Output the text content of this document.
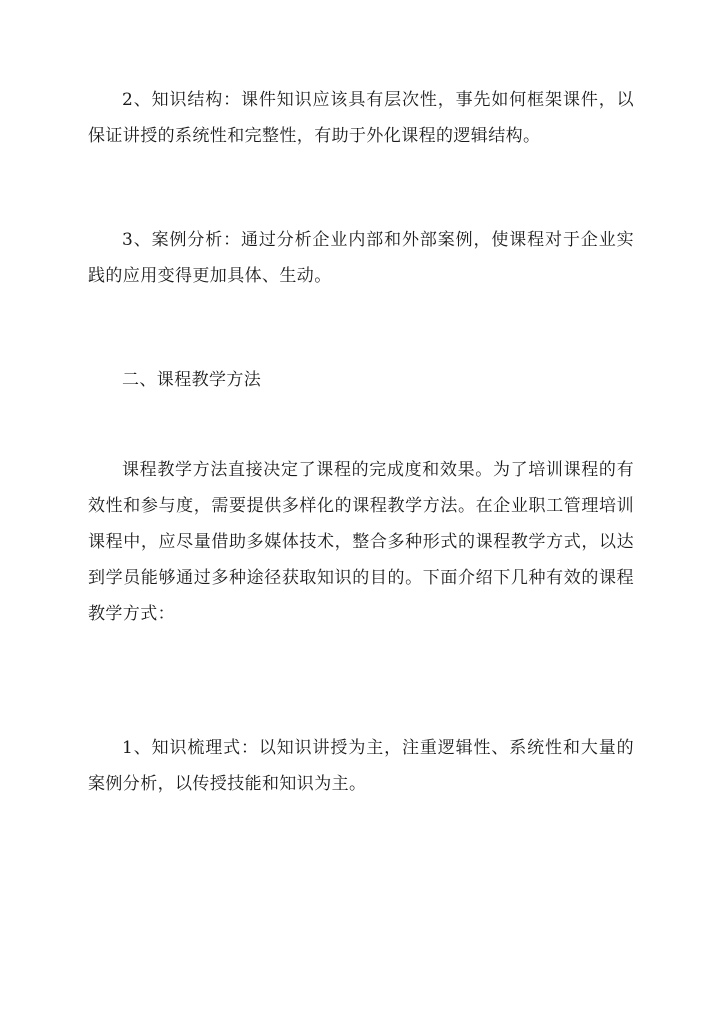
2、知识结构：课件知识应该具有层次性，事先如何框架课件，以保证讲授的系统性和完整性，有助于外化课程的逻辑结构。

3、案例分析：通过分析企业内部和外部案例，使课程对于企业实践的应用变得更加具体、生动。

二、课程教学方法

课程教学方法直接决定了课程的完成度和效果。为了培训课程的有效性和参与度，需要提供多样化的课程教学方法。在企业职工管理培训课程中，应尽量借助多媒体技术，整合多种形式的课程教学方式，以达到学员能够通过多种途径获取知识的目的。下面介绍下几种有效的课程教学方式：

1、知识梳理式：以知识讲授为主，注重逻辑性、系统性和大量的案例分析，以传授技能和知识为主。
